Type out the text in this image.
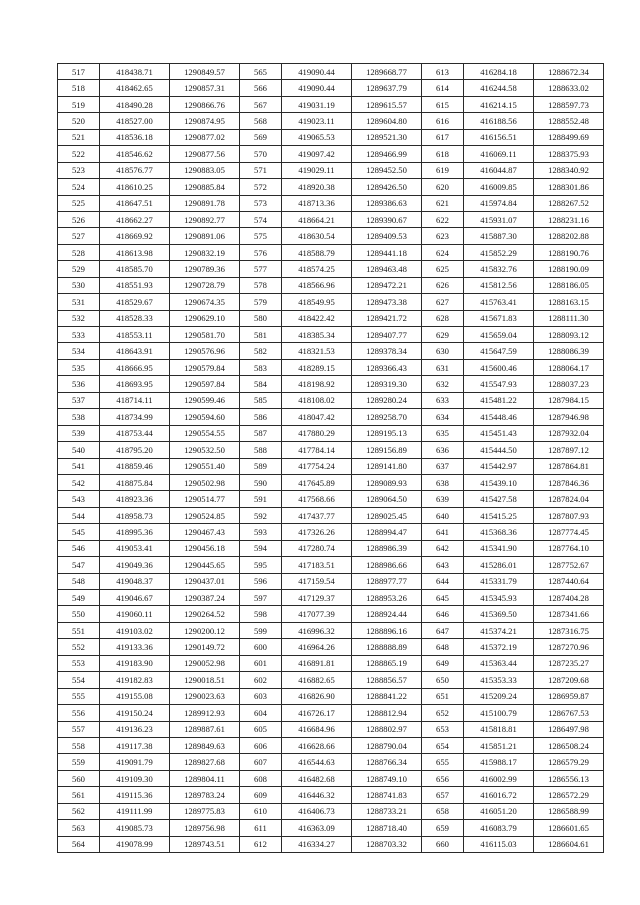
517	418438.71	1290849.57	565	419090.44	1289668.77	613	416284.18	1288672.34
518	418462.65	1290857.31	566	419090.44	1289637.79	614	416244.58	1288633.02
519	418490.28	1290866.76	567	419031.19	1289615.57	615	416214.15	1288597.73
520	418527.00	1290874.95	568	419023.11	1289604.80	616	416188.56	1288552.48
521	418536.18	1290877.02	569	419065.53	1289521.30	617	416156.51	1288499.69
522	418546.62	1290877.56	570	419097.42	1289466.99	618	416069.11	1288375.93
523	418576.77	1290883.05	571	419029.11	1289452.50	619	416044.87	1288340.92
524	418610.25	1290885.84	572	418920.38	1289426.50	620	416009.85	1288301.86
525	418647.51	1290891.78	573	418713.36	1289386.63	621	415974.84	1288267.52
526	418662.27	1290892.77	574	418664.21	1289390.67	622	415931.07	1288231.16
527	418669.92	1290891.06	575	418630.54	1289409.53	623	415887.30	1288202.88
528	418613.98	1290832.19	576	418588.79	1289441.18	624	415852.29	1288190.76
529	418585.70	1290789.36	577	418574.25	1289463.48	625	415832.76	1288190.09
530	418551.93	1290728.79	578	418566.96	1289472.21	626	415812.56	1288186.05
531	418529.67	1290674.35	579	418549.95	1289473.38	627	415763.41	1288163.15
532	418528.33	1290629.10	580	418422.42	1289421.72	628	415671.83	1288111.30
533	418553.11	1290581.70	581	418385.34	1289407.77	629	415659.04	1288093.12
534	418643.91	1290576.96	582	418321.53	1289378.34	630	415647.59	1288086.39
535	418666.95	1290579.84	583	418289.15	1289366.43	631	415600.46	1288064.17
536	418693.95	1290597.84	584	418198.92	1289319.30	632	415547.93	1288037.23
537	418714.11	1290599.46	585	418108.02	1289280.24	633	415481.22	1287984.15
538	418734.99	1290594.60	586	418047.42	1289258.70	634	415448.46	1287946.98
539	418753.44	1290554.55	587	417880.29	1289195.13	635	415451.43	1287932.04
540	418795.20	1290532.50	588	417784.14	1289156.89	636	415444.50	1287897.12
541	418859.46	1290551.40	589	417754.24	1289141.80	637	415442.97	1287864.81
542	418875.84	1290502.98	590	417645.89	1289089.93	638	415439.10	1287846.36
543	418923.36	1290514.77	591	417568.66	1289064.50	639	415427.58	1287824.04
544	418958.73	1290524.85	592	417437.77	1289025.45	640	415415.25	1287807.93
545	418995.36	1290467.43	593	417326.26	1288994.47	641	415368.36	1287774.45
546	419053.41	1290456.18	594	417280.74	1288986.39	642	415341.90	1287764.10
547	419049.36	1290445.65	595	417183.51	1288986.66	643	415286.01	1287752.67
548	419048.37	1290437.01	596	417159.54	1288977.77	644	415331.79	1287440.64
549	419046.67	1290387.24	597	417129.37	1288953.26	645	415345.93	1287404.28
550	419060.11	1290264.52	598	417077.39	1288924.44	646	415369.50	1287341.66
551	419103.02	1290200.12	599	416996.32	1288896.16	647	415374.21	1287316.75
552	419133.36	1290149.72	600	416964.26	1288888.89	648	415372.19	1287270.96
553	419183.90	1290052.98	601	416891.81	1288865.19	649	415363.44	1287235.27
554	419182.83	1290018.51	602	416882.65	1288856.57	650	415353.33	1287209.68
555	419155.08	1290023.63	603	416826.90	1288841.22	651	415209.24	1286959.87
556	419150.24	1289912.93	604	416726.17	1288812.94	652	415100.79	1286767.53
557	419136.23	1289887.61	605	416684.96	1288802.97	653	415818.81	1286497.98
558	419117.38	1289849.63	606	416628.66	1288790.04	654	415851.21	1286508.24
559	419091.79	1289827.68	607	416544.63	1288766.34	655	415988.17	1286579.29
560	419109.30	1289804.11	608	416482.68	1288749.10	656	416002.99	1286556.13
561	419115.36	1289783.24	609	416446.32	1288741.83	657	416016.72	1286572.29
562	419111.99	1289775.83	610	416406.73	1288733.21	658	416051.20	1286588.99
563	419085.73	1289756.98	611	416363.09	1288718.40	659	416083.79	1286601.65
564	419078.99	1289743.51	612	416334.27	1288703.32	660	416115.03	1286604.61
